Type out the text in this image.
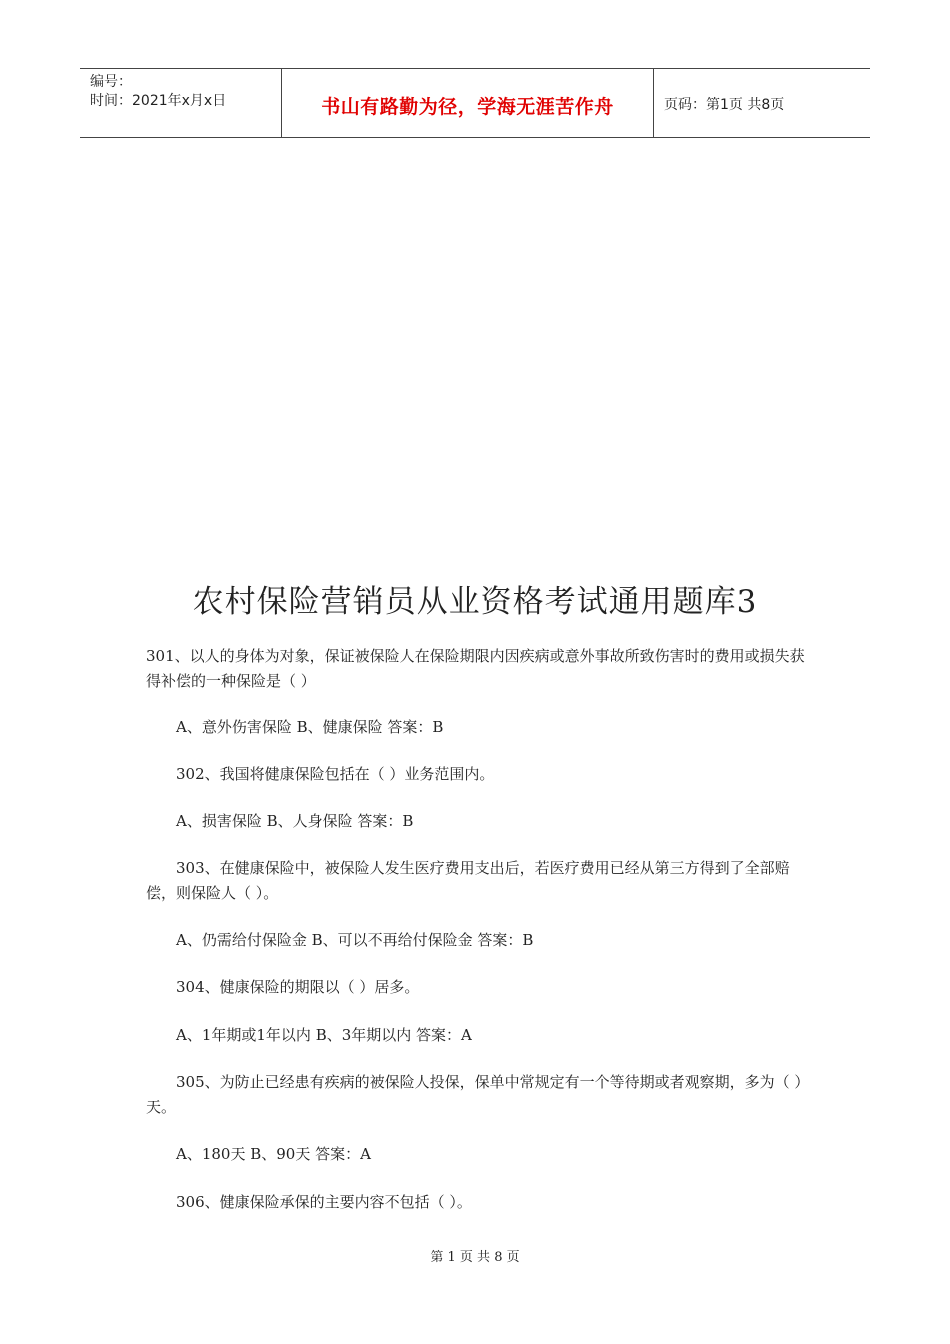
编号：
时间：2021年x月x日	书山有路勤为径，学海无涯苦作舟	页码：第1页 共8页
农村保险营销员从业资格考试通用题库3
301、以人的身体为对象，保证被保险人在保险期限内因疾病或意外事故所致伤害时的费用或损失获得补偿的一种保险是（ ）
A、意外伤害保险 B、健康保险 答案：B
302、我国将健康保险包括在（ ）业务范围内。
A、损害保险 B、人身保险 答案：B
303、在健康保险中，被保险人发生医疗费用支出后，若医疗费用已经从第三方得到了全部赔偿，则保险人（ ）。
A、仍需给付保险金 B、可以不再给付保险金 答案：B
304、健康保险的期限以（ ）居多。
A、1年期或1年以内 B、3年期以内 答案：A
305、为防止已经患有疾病的被保险人投保，保单中常规定有一个等待期或者观察期，多为（ ）天。
A、180天 B、90天 答案：A
306、健康保险承保的主要内容不包括（ ）。
第 1 页 共 8 页
